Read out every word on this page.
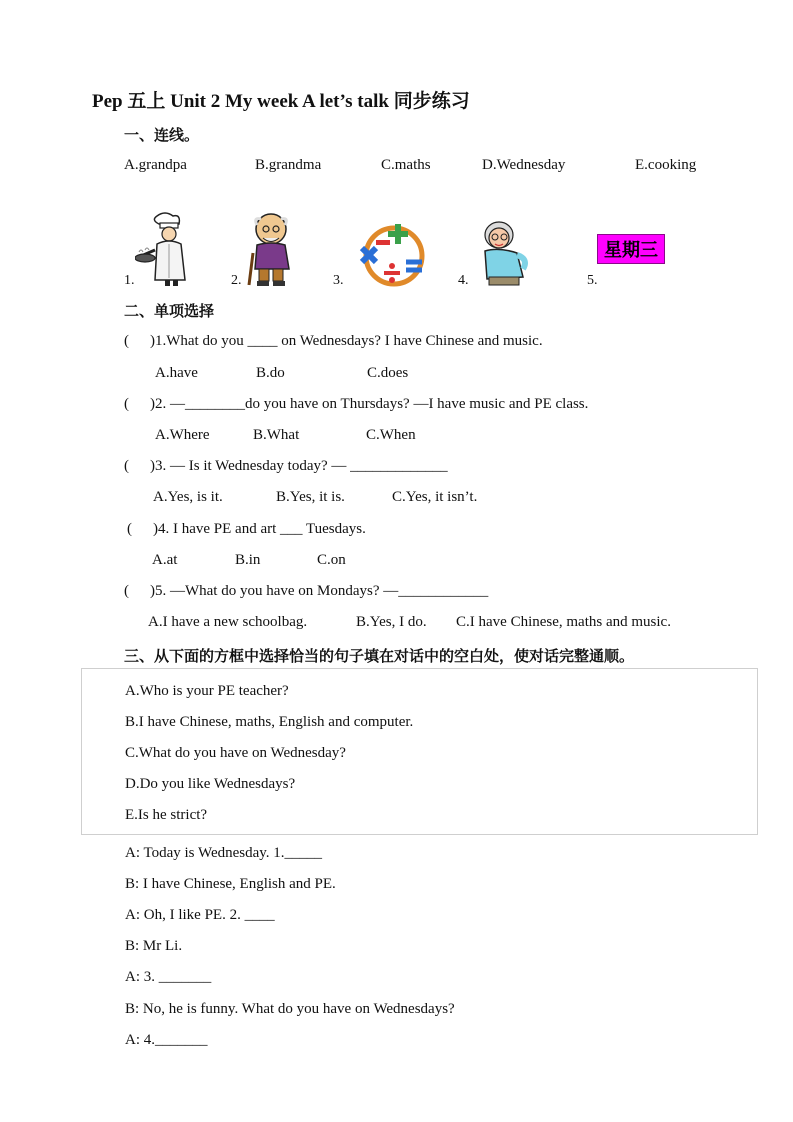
Pep 五上 Unit 2 My week A let’s talk 同步练习
一、连线。
A.grandpa	B.grandma	C.maths	D.Wednesday	E.cooking
星期三
1.	2.	3.	4.	5.
二、单项选择
( )1.What do you ____ on Wednesdays? I have Chinese and music.
A.have	B.do	C.does
( )2. —________do you have on Thursdays? —I have music and PE class.
A.Where	B.What	C.When
( )3. — Is it Wednesday today? — _____________
A.Yes, is it.	B.Yes, it is.	C.Yes, it isn’t.
( )4. I have PE and art ___ Tuesdays.
A.at	B.in	C.on
( )5. —What do you have on Mondays? —____________
A.I have a new schoolbag.	B.Yes, I do. C.I have Chinese, maths and music.
三、从下面的方框中选择恰当的句子填在对话中的空白处，使对话完整通顺。
A.Who is your PE teacher?
B.I have Chinese, maths, English and computer.
C.What do you have on Wednesday?
D.Do you like Wednesdays?
E.Is he strict?
A: Today is Wednesday. 1._____
B: I have Chinese, English and PE.
A: Oh, I like PE. 2. ____
B: Mr Li.
A: 3. _______
B: No, he is funny. What do you have on Wednesdays?
A: 4._______
